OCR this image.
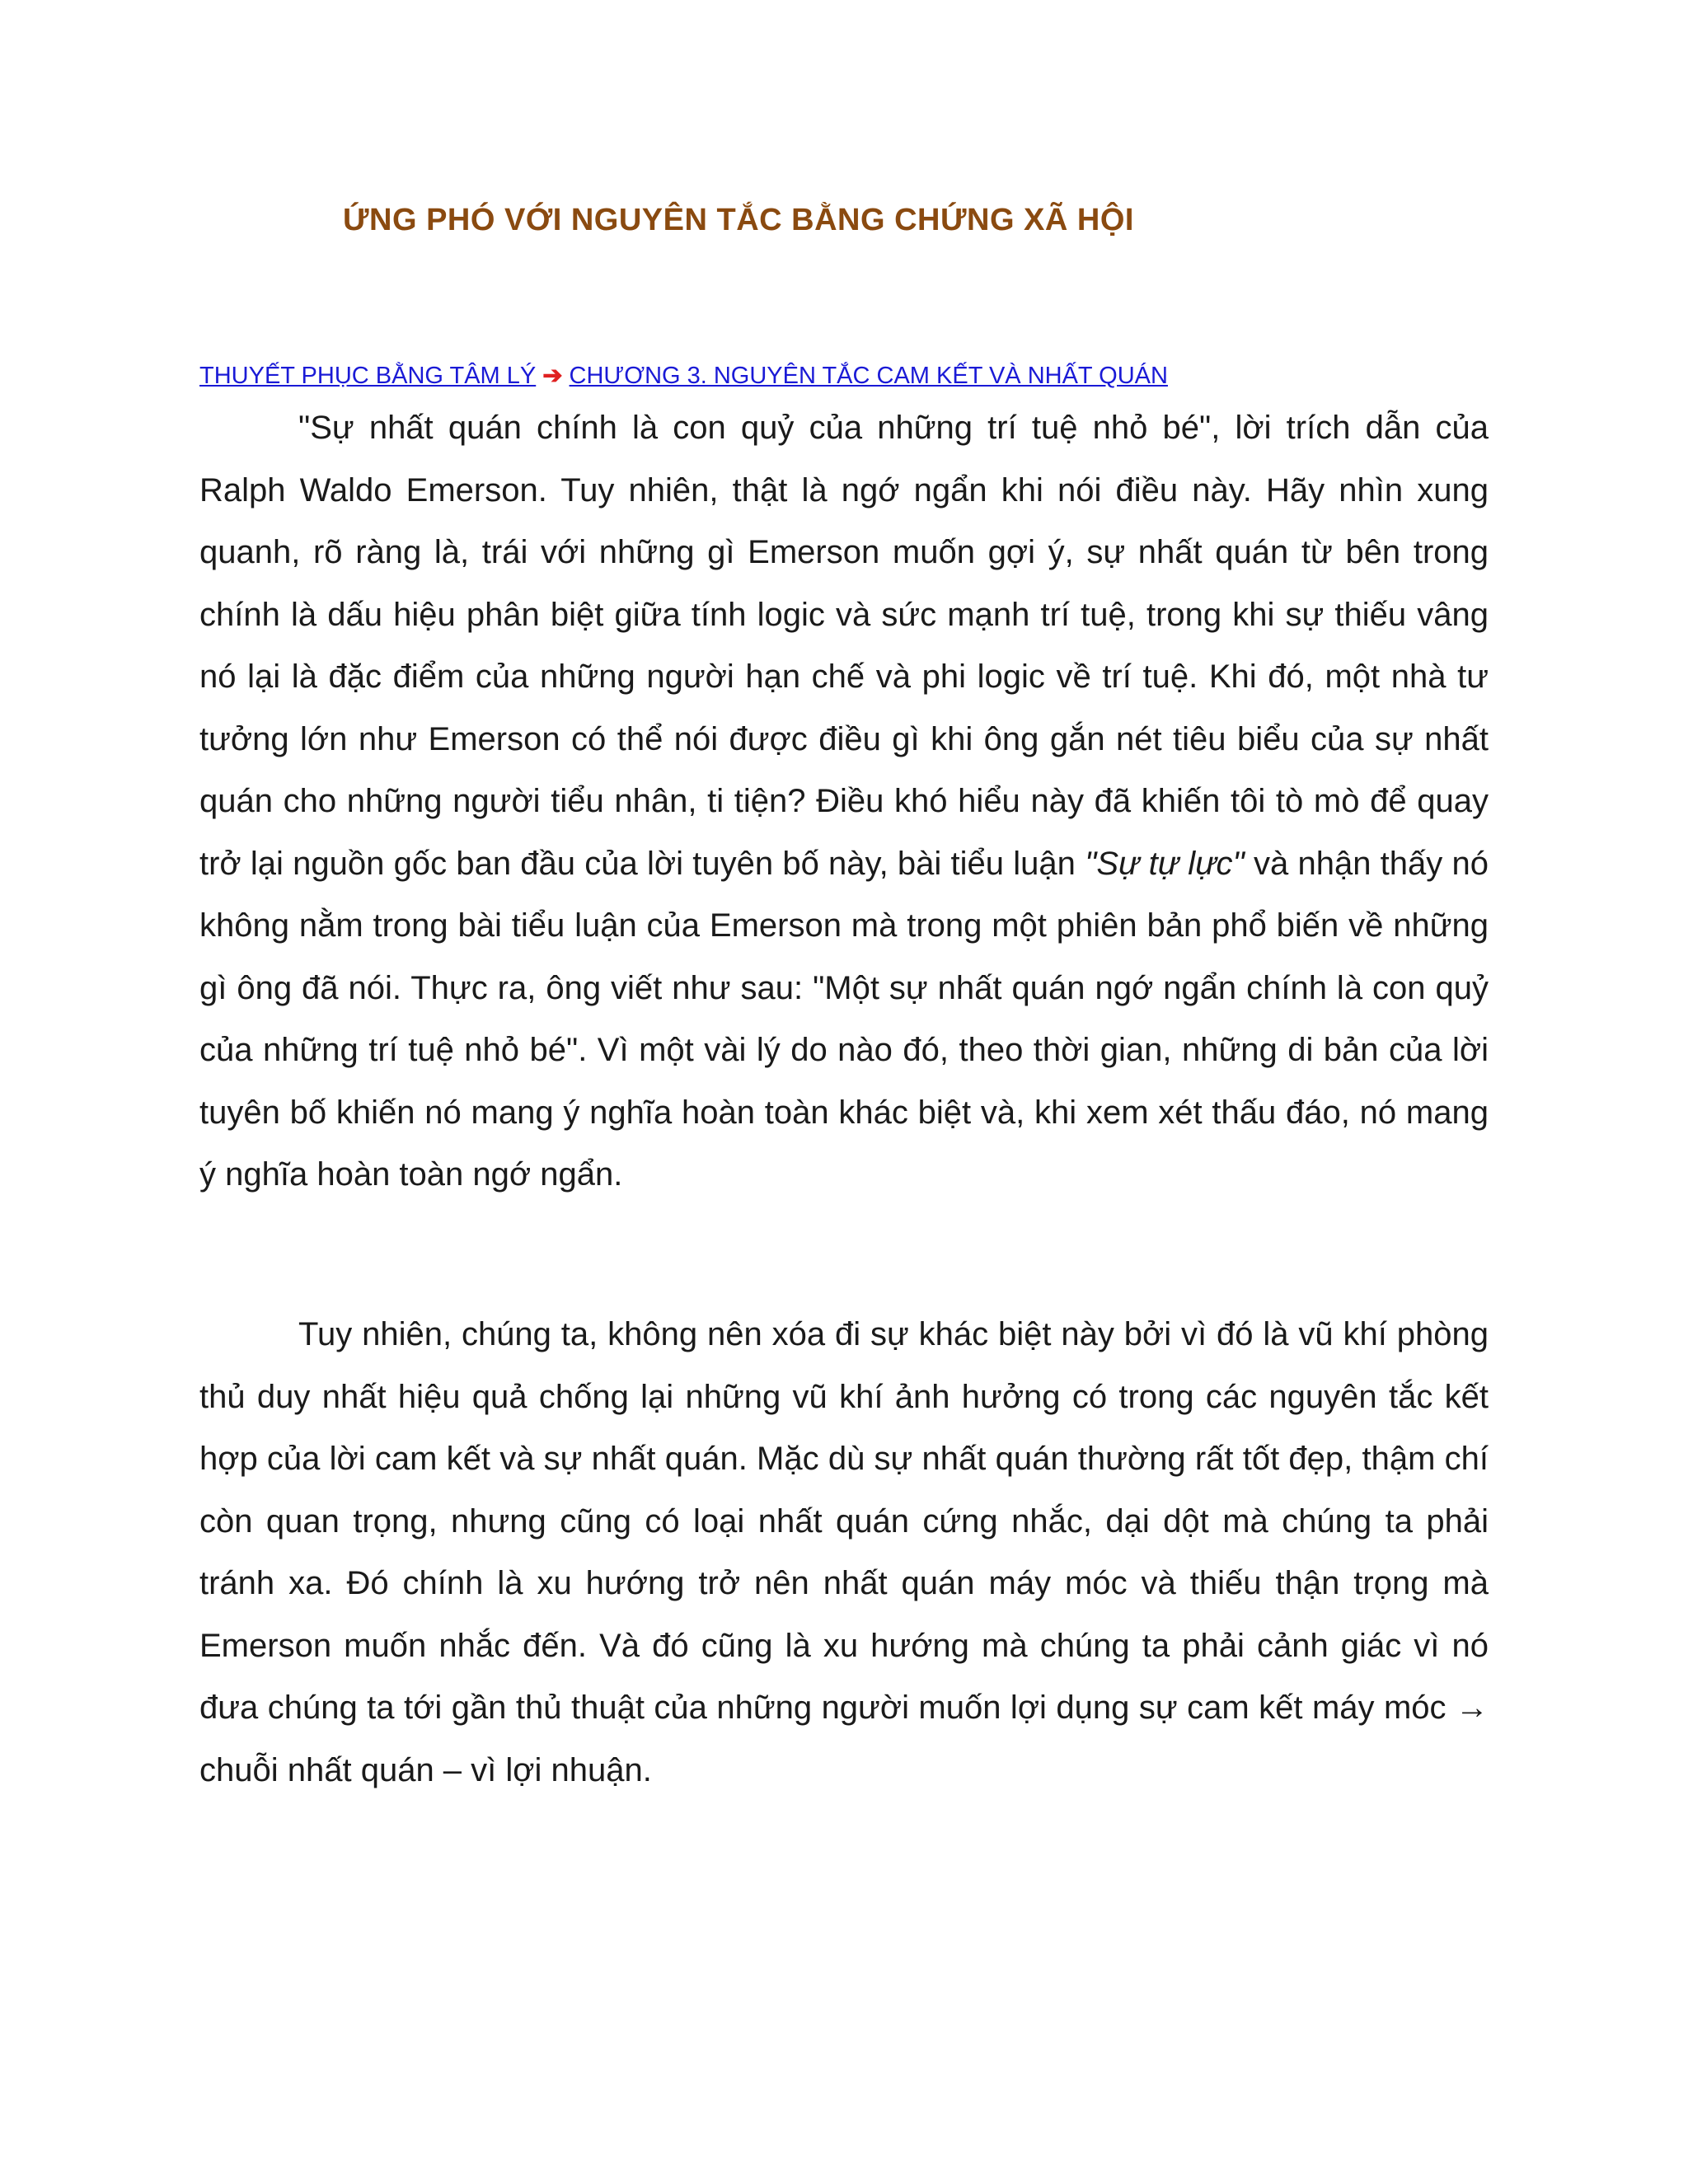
ỨNG PHÓ VỚI NGUYÊN TẮC BẰNG CHỨNG XÃ HỘI
THUYẾT PHỤC BẰNG TÂM LÝ ➔ CHƯƠNG 3. NGUYÊN TẮC CAM KẾT VÀ NHẤT QUÁN

"Sự nhất quán chính là con quỷ của những trí tuệ nhỏ bé", lời trích dẫn của Ralph Waldo Emerson. Tuy nhiên, thật là ngớ ngẩn khi nói điều này. Hãy nhìn xung quanh, rõ ràng là, trái với những gì Emerson muốn gợi ý, sự nhất quán từ bên trong chính là dấu hiệu phân biệt giữa tính logic và sức mạnh trí tuệ, trong khi sự thiếu vâng nó lại là đặc điểm của những người hạn chế và phi logic về trí tuệ. Khi đó, một nhà tư tưởng lớn như Emerson có thể nói được điều gì khi ông gắn nét tiêu biểu của sự nhất quán cho những người tiểu nhân, ti tiện? Điều khó hiểu này đã khiến tôi tò mò để quay trở lại nguồn gốc ban đầu của lời tuyên bố này, bài tiểu luận "Sự tự lực" và nhận thấy nó không nằm trong bài tiểu luận của Emerson mà trong một phiên bản phổ biến về những gì ông đã nói. Thực ra, ông viết như sau: "Một sự nhất quán ngớ ngẩn chính là con quỷ của những trí tuệ nhỏ bé". Vì một vài lý do nào đó, theo thời gian, những di bản của lời tuyên bố khiến nó mang ý nghĩa hoàn toàn khác biệt và, khi xem xét thấu đáo, nó mang ý nghĩa hoàn toàn ngớ ngẩn.

Tuy nhiên, chúng ta, không nên xóa đi sự khác biệt này bởi vì đó là vũ khí phòng thủ duy nhất hiệu quả chống lại những vũ khí ảnh hưởng có trong các nguyên tắc kết hợp của lời cam kết và sự nhất quán. Mặc dù sự nhất quán thường rất tốt đẹp, thậm chí còn quan trọng, nhưng cũng có loại nhất quán cứng nhắc, dại dột mà chúng ta phải tránh xa. Đó chính là xu hướng trở nên nhất quán máy móc và thiếu thận trọng mà Emerson muốn nhắc đến. Và đó cũng là xu hướng mà chúng ta phải cảnh giác vì nó đưa chúng ta tới gần thủ thuật của những người muốn lợi dụng sự cam kết máy móc → chuỗi nhất quán – vì lợi nhuận.
